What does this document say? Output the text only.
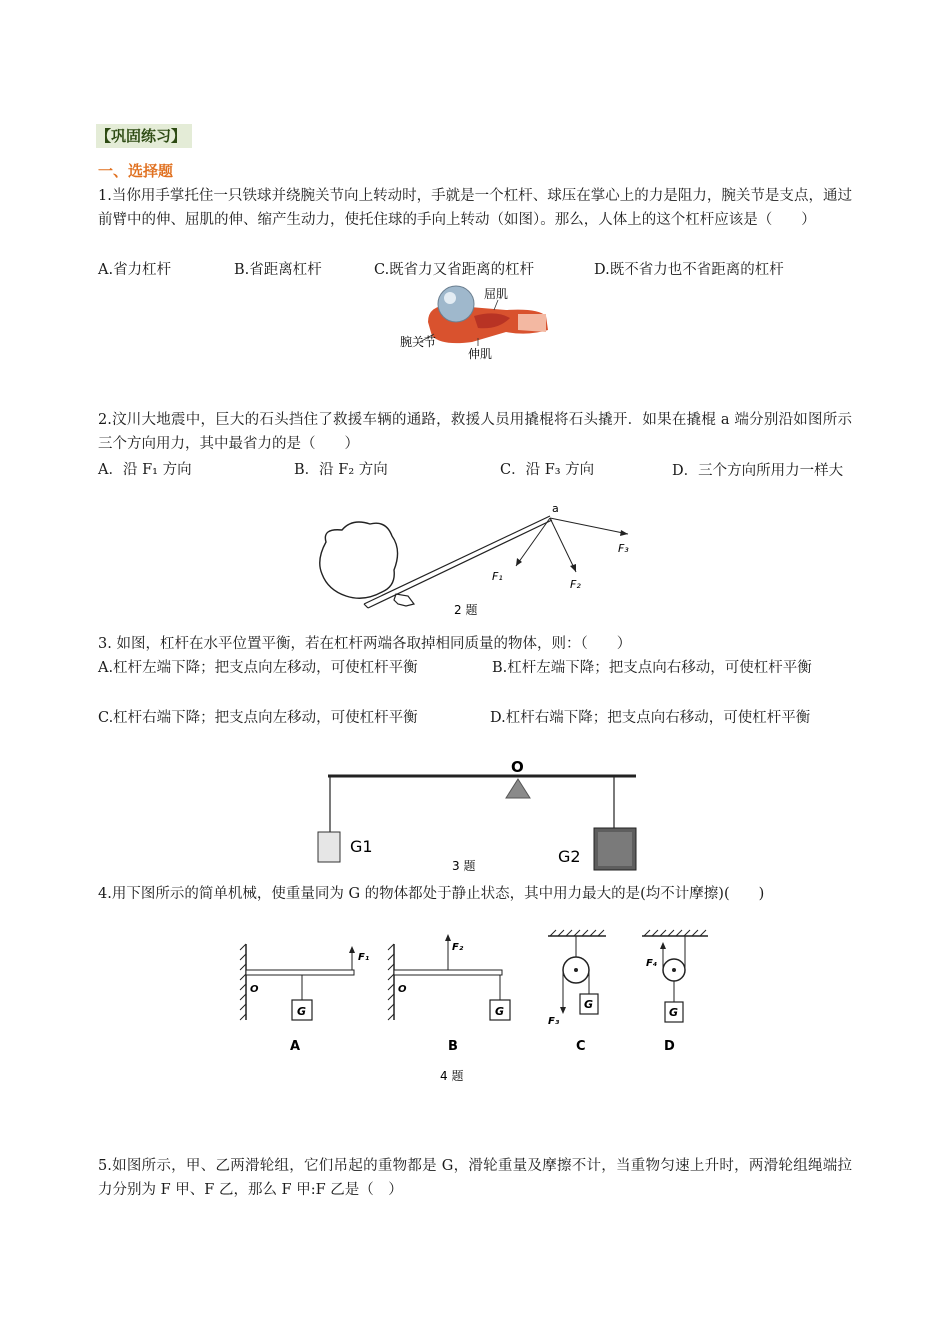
【巩固练习】
一、选择题
1.当你用手掌托住一只铁球并绕腕关节向上转动时，手就是一个杠杆、球压在掌心上的力是阻力，腕关节是支点，通过前臂中的伸、屈肌的伸、缩产生动力，使托住球的手向上转动（如图）。那么，人体上的这个杠杆应该是（　　）
A.省力杠杆	B.省距离杠杆	C.既省力又省距离的杠杆	D.既不省力也不省距离的杠杆
屈肌
腕关节
伸肌
2.汶川大地震中，巨大的石头挡住了救援车辆的通路，救援人员用撬棍将石头撬开．如果在撬棍 a 端分别沿如图所示三个方向用力，其中最省力的是（　　）
A．沿 F₁ 方向	B．沿 F₂ 方向	C．沿 F₃ 方向	D．三个方向所用力一样大
a
F₁
F₂
F₃
2 题
3. 如图，杠杆在水平位置平衡，若在杠杆两端各取掉相同质量的物体，则：（　　）
A.杠杆左端下降；把支点向左移动，可使杠杆平衡	B.杠杆左端下降；把支点向右移动，可使杠杆平衡
C.杠杆右端下降；把支点向左移动，可使杠杆平衡	D.杠杆右端下降；把支点向右移动，可使杠杆平衡
O
G1
G2
3 题
4.用下图所示的简单机械，使重量同为 G 的物体都处于静止状态，其中用力最大的是(均不计摩擦)(　　)
F₁
O
G
A
F₂
O
G
B
F₃
G
C
F₄
G
D
4 题
5.如图所示，甲、乙两滑轮组，它们吊起的重物都是 G，滑轮重量及摩擦不计，当重物匀速上升时，两滑轮组绳端拉力分别为 F 甲、F 乙，那么 F 甲:F 乙是（　）
